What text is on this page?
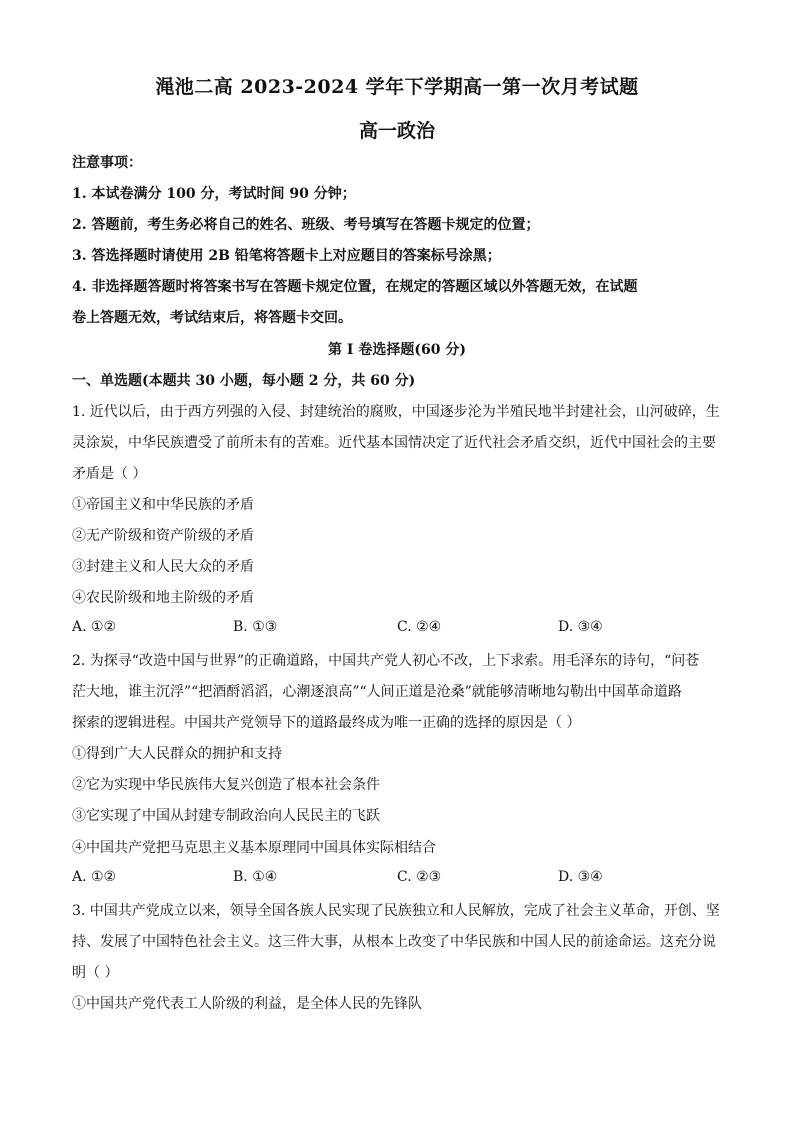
渑池二高 2023-2024 学年下学期高一第一次月考试题
高一政治
注意事项：
1. 本试卷满分 100 分，考试时间 90 分钟；
2. 答题前，考生务必将自己的姓名、班级、考号填写在答题卡规定的位置；
3. 答选择题时请使用 2B 铅笔将答题卡上对应题目的答案标号涂黑；
4. 非选择题答题时将答案书写在答题卡规定位置，在规定的答题区域以外答题无效，在试题
卷上答题无效，考试结束后，将答题卡交回。
第 I 卷选择题(60 分)
一、单选题(本题共 30 小题，每小题 2 分，共 60 分)
1. 近代以后，由于西方列强的入侵、封建统治的腐败，中国逐步沦为半殖民地半封建社会，山河破碎，生
灵涂炭，中华民族遭受了前所未有的苦难。近代基本国情决定了近代社会矛盾交织，近代中国社会的主要
矛盾是（ ）
①帝国主义和中华民族的矛盾
②无产阶级和资产阶级的矛盾
③封建主义和人民大众的矛盾
④农民阶级和地主阶级的矛盾
A. ①②	B. ①③	C. ②④	D. ③④
2. 为探寻“改造中国与世界”的正确道路，中国共产党人初心不改，上下求索。用毛泽东的诗句，“问苍
茫大地，谁主沉浮”“把酒酹滔滔，心潮逐浪高”“人间正道是沧桑”就能够清晰地勾勒出中国革命道路
探索的逻辑进程。中国共产党领导下的道路最终成为唯一正确的选择的原因是（ ）
①得到广大人民群众的拥护和支持
②它为实现中华民族伟大复兴创造了根本社会条件
③它实现了中国从封建专制政治向人民民主的飞跃
④中国共产党把马克思主义基本原理同中国具体实际相结合
A. ①②	B. ①④	C. ②③	D. ③④
3. 中国共产党成立以来，领导全国各族人民实现了民族独立和人民解放，完成了社会主义革命，开创、坚
持、发展了中国特色社会主义。这三件大事，从根本上改变了中华民族和中国人民的前途命运。这充分说
明（ ）
①中国共产党代表工人阶级的利益，是全体人民的先锋队
